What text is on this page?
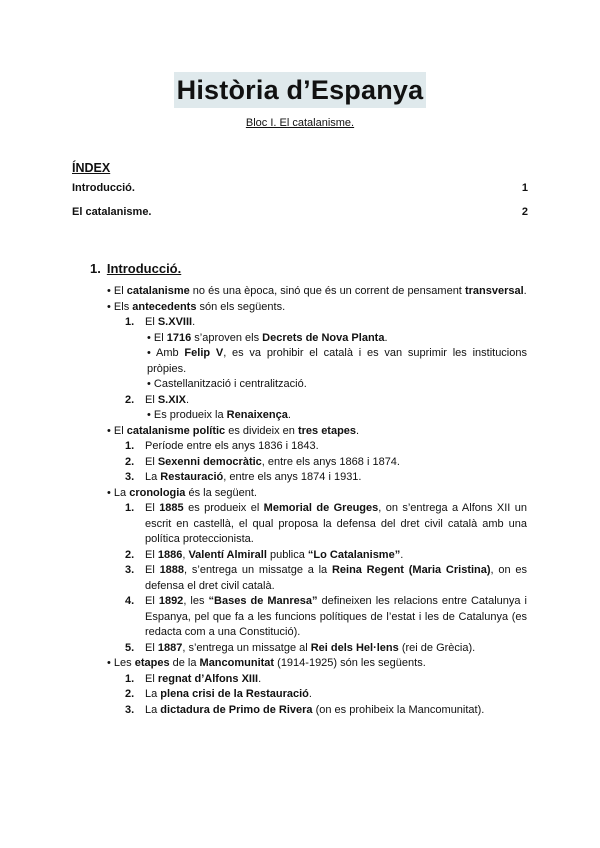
Història d’Espanya
Bloc I. El catalanisme.
ÍNDEX
Introducció.	1
El catalanisme.	2
1. Introducció.
• El catalanisme no és una època, sinó que és un corrent de pensament transversal.
• Els antecedents són els següents.
1. El S.XVIII.
• El 1716 s’aproven els Decrets de Nova Planta.
• Amb Felip V, es va prohibir el català i es van suprimir les institucions pròpies.
• Castellanització i centralització.
2. El S.XIX.
• Es produeix la Renaixença.
• El catalanisme polític es divideix en tres etapes.
1. Període entre els anys 1836 i 1843.
2. El Sexenni democràtic, entre els anys 1868 i 1874.
3. La Restauració, entre els anys 1874 i 1931.
• La cronologia és la següent.
1. El 1885 es produeix el Memorial de Greuges, on s’entrega a Alfons XII un escrit en castellà, el qual proposa la defensa del dret civil català amb una política proteccionista.
2. El 1886, Valentí Almirall publica “Lo Catalanisme”.
3. El 1888, s’entrega un missatge a la Reina Regent (Maria Cristina), on es defensa el dret civil català.
4. El 1892, les “Bases de Manresa” defineixen les relacions entre Catalunya i Espanya, pel que fa a les funcions polítiques de l’estat i les de Catalunya (es redacta com a una Constitució).
5. El 1887, s’entrega un missatge al Rei dels Hel·lens (rei de Grècia).
• Les etapes de la Mancomunitat (1914-1925) són les següents.
1. El regnat d’Alfons XIII.
2. La plena crisi de la Restauració.
3. La dictadura de Primo de Rivera (on es prohibeix la Mancomunitat).
